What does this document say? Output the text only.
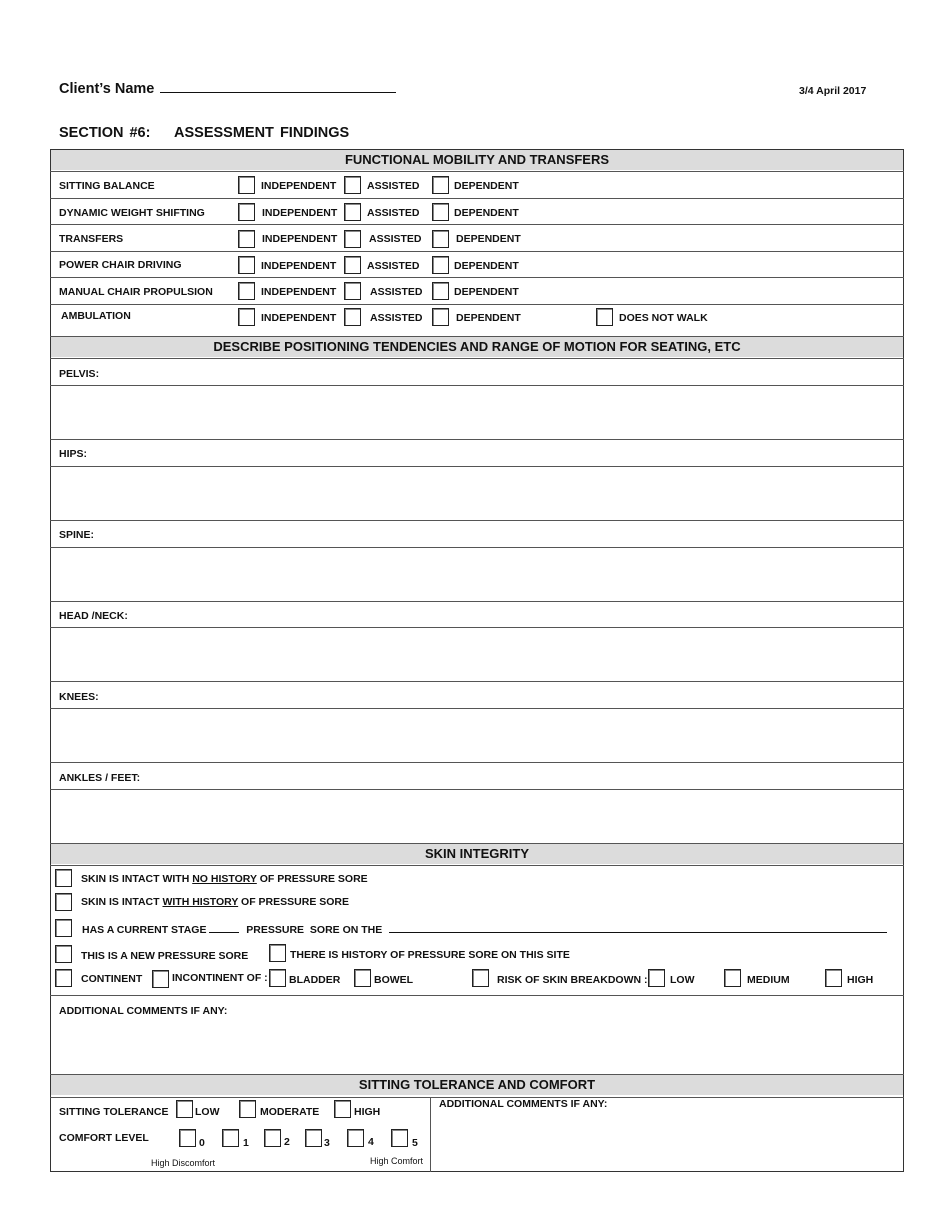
Client’s Name	3/4 April 2017
SECTION #6:    ASSESSMENT FINDINGS
FUNCTIONAL MOBILITY AND TRANSFERS
SITTING BALANCE	INDEPENDENT	ASSISTED	DEPENDENT
DYNAMIC WEIGHT SHIFTING	INDEPENDENT	ASSISTED	DEPENDENT
TRANSFERS	INDEPENDENT	ASSISTED	DEPENDENT
POWER CHAIR DRIVING	INDEPENDENT	ASSISTED	DEPENDENT
MANUAL CHAIR PROPULSION	INDEPENDENT	ASSISTED	DEPENDENT
AMBULATION	INDEPENDENT	ASSISTED	DEPENDENT	DOES NOT WALK
DESCRIBE POSITIONING TENDENCIES AND RANGE OF MOTION FOR SEATING, ETC
PELVIS:
HIPS:
SPINE:
HEAD /NECK:
KNEES:
ANKLES / FEET:
SKIN INTEGRITY
SKIN IS INTACT WITH NO HISTORY OF PRESSURE SORE
SKIN IS INTACT WITH HISTORY OF PRESSURE SORE
HAS A CURRENT STAGE	PRESSURE  SORE ON THE
THIS IS A NEW PRESSURE SORE	THERE IS HISTORY OF PRESSURE SORE ON THIS SITE
CONTINENT	INCONTINENT OF : BLADDER	BOWEL	RISK OF SKIN BREAKDOWN : LOW	MEDIUM	HIGH
ADDITIONAL COMMENTS IF ANY:
SITTING TOLERANCE AND COMFORT
SITTING TOLERANCE	LOW	MODERATE	HIGH
COMFORT LEVEL	0	1	2	3	4	5
High Discomfort	High Comfort
ADDITIONAL COMMENTS IF ANY:
